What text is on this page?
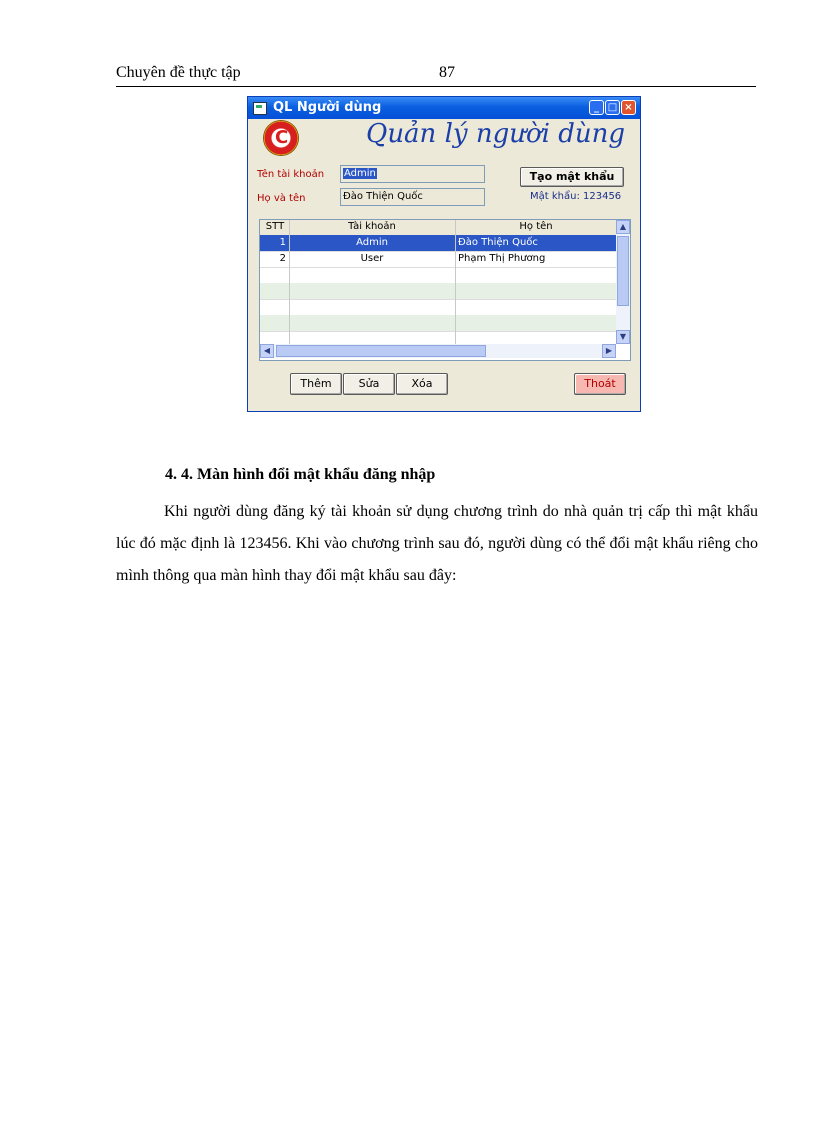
Chuyên đề thực tập	87
QL Người dùng	_ □ ×
C	Quản lý người dùng
Tên tài khoản	Admin
Họ và tên	Đào Thiện Quốc
Tạo mật khẩu
Mật khẩu: 123456
STT	Tài khoản	Họ tên
1	Admin	Đào Thiện Quốc
2	User	Phạm Thị Phương
▲
▼
◀	▶
Thêm	Sửa	Xóa	Thoát
4. 4. Màn hình đổi mật khẩu đăng nhập

Khi người dùng đăng ký tài khoản sử dụng chương trình do nhà quản trị cấp thì mật khẩu lúc đó mặc định là 123456. Khi vào chương trình sau đó, người dùng có thể đổi mật khẩu riêng cho mình thông qua màn hình thay đổi mật khẩu sau đây:
